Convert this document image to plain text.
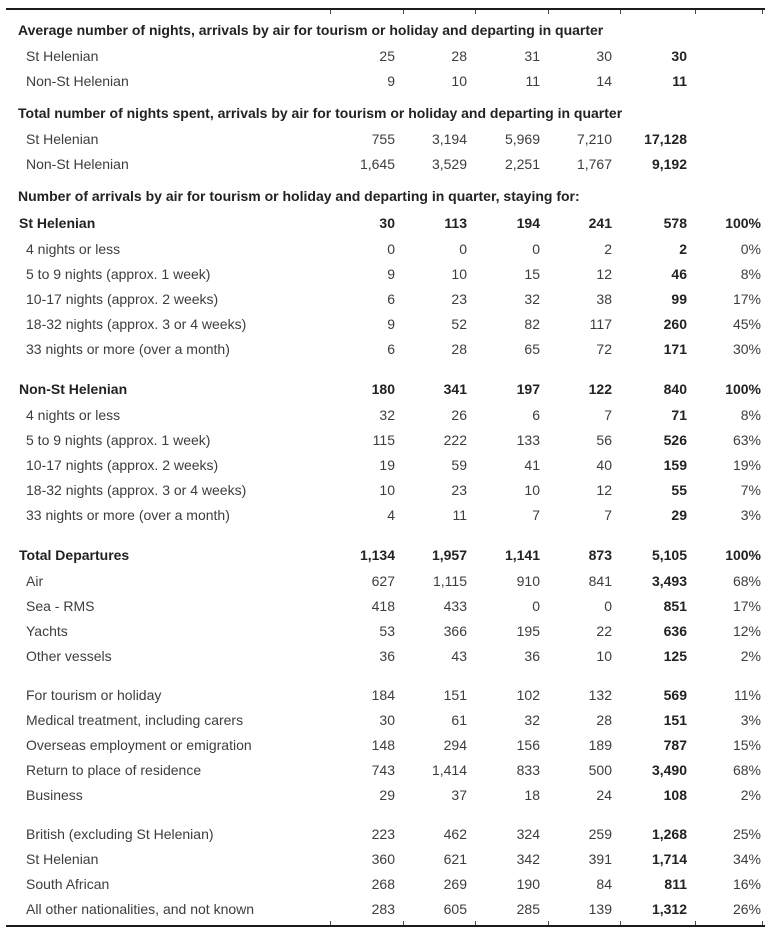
Average number of nights, arrivals by air for tourism or holiday and departing in quarter
St Helenian	25	28	31	30	30
Non-St Helenian	9	10	11	14	11
Total number of nights spent, arrivals by air for tourism or holiday and departing in quarter
St Helenian	755	3,194	5,969	7,210	17,128
Non-St Helenian	1,645	3,529	2,251	1,767	9,192
Number of arrivals by air for tourism or holiday and departing in quarter, staying for:
St Helenian	30	113	194	241	578	100%
4 nights or less	0	0	0	2	2	0%
5 to 9 nights (approx. 1 week)	9	10	15	12	46	8%
10-17 nights (approx. 2 weeks)	6	23	32	38	99	17%
18-32 nights (approx. 3 or 4 weeks)	9	52	82	117	260	45%
33 nights or more (over a month)	6	28	65	72	171	30%
Non-St Helenian	180	341	197	122	840	100%
4 nights or less	32	26	6	7	71	8%
5 to 9 nights (approx. 1 week)	115	222	133	56	526	63%
10-17 nights (approx. 2 weeks)	19	59	41	40	159	19%
18-32 nights (approx. 3 or 4 weeks)	10	23	10	12	55	7%
33 nights or more (over a month)	4	11	7	7	29	3%
Total Departures	1,134	1,957	1,141	873	5,105	100%
Air	627	1,115	910	841	3,493	68%
Sea - RMS	418	433	0	0	851	17%
Yachts	53	366	195	22	636	12%
Other vessels	36	43	36	10	125	2%
For tourism or holiday	184	151	102	132	569	11%
Medical treatment, including carers	30	61	32	28	151	3%
Overseas employment or emigration	148	294	156	189	787	15%
Return to place of residence	743	1,414	833	500	3,490	68%
Business	29	37	18	24	108	2%
British (excluding St Helenian)	223	462	324	259	1,268	25%
St Helenian	360	621	342	391	1,714	34%
South African	268	269	190	84	811	16%
All other nationalities, and not known	283	605	285	139	1,312	26%
